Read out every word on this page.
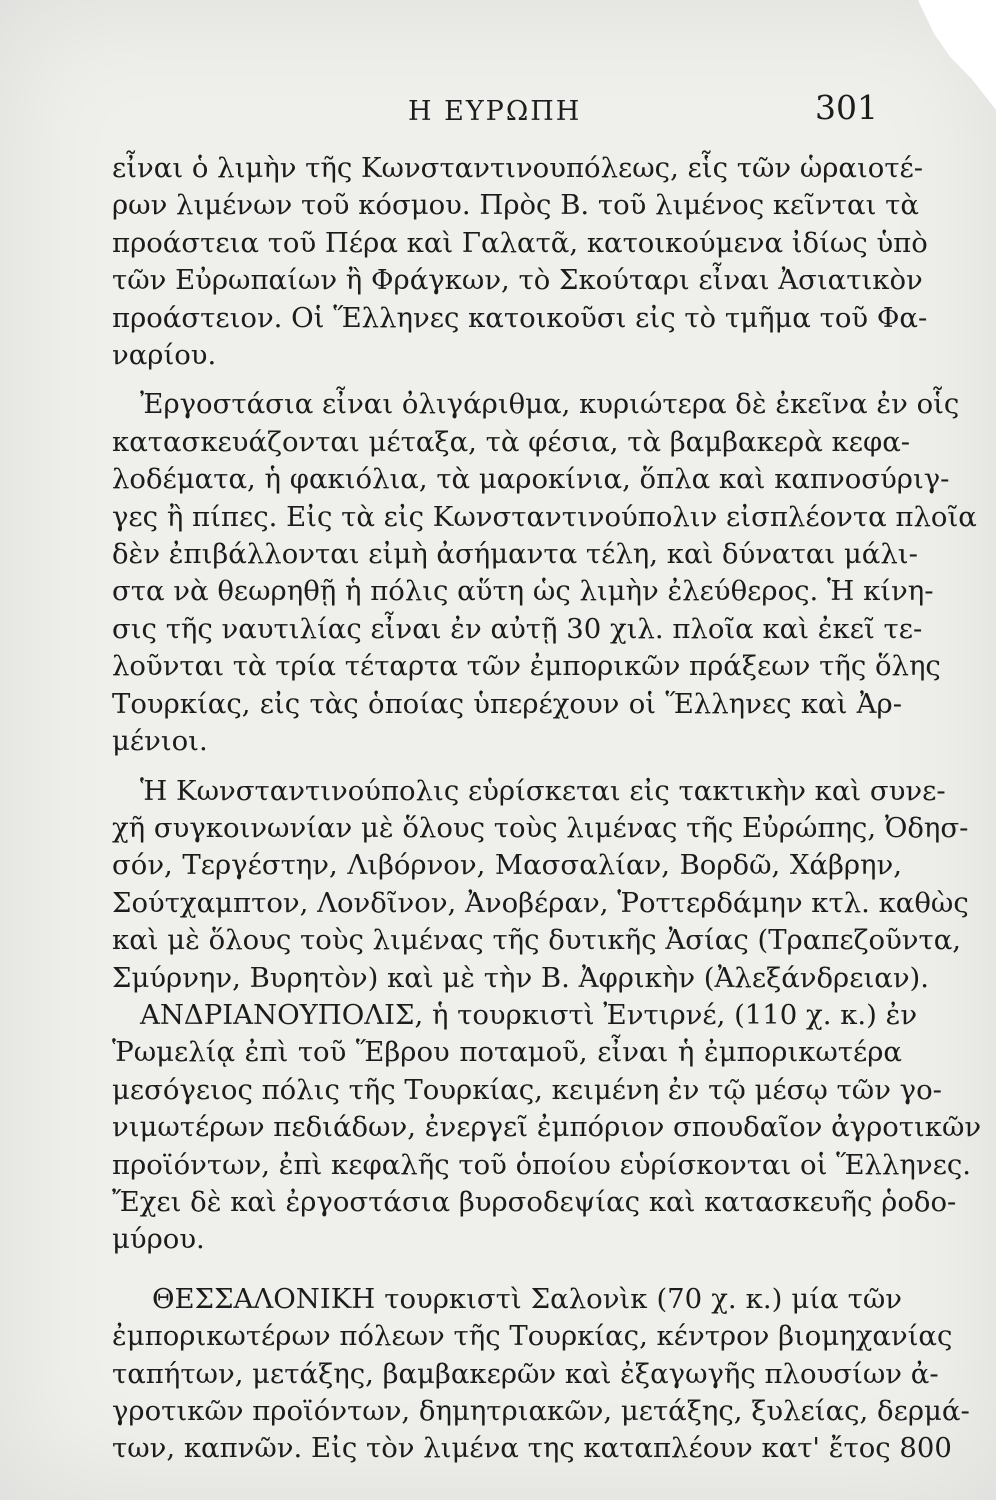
Η ΕΥΡΩΠΗ	301
εἶναι ὁ λιμὴν τῆς Κωνσταντινουπόλεως, εἷς τῶν ὡραιοτέ-
ρων λιμένων τοῦ κόσμου. Πρὸς Β. τοῦ λιμένος κεῖνται τὰ
προάστεια τοῦ Πέρα καὶ Γαλατᾶ, κατοικούμενα ἰδίως ὑπὸ
τῶν Εὐρωπαίων ἢ Φράγκων, τὸ Σκούταρι εἶναι Ἀσιατικὸν
προάστειον. Οἱ Ἕλληνες κατοικοῦσι εἰς τὸ τμῆμα τοῦ Φα-
ναρίου.
Ἐργοστάσια εἶναι ὀλιγάριθμα, κυριώτερα δὲ ἐκεῖνα ἐν οἷς
κατασκευάζονται μέταξα, τὰ φέσια, τὰ βαμβακερὰ κεφα-
λοδέματα, ἡ φακιόλια, τὰ μαροκίνια, ὅπλα καὶ καπνοσύριγ-
γες ἢ πίπες. Εἰς τὰ εἰς Κωνσταντινούπολιν εἰσπλέοντα πλοῖα
δὲν ἐπιβάλλονται εἰμὴ ἀσήμαντα τέλη, καὶ δύναται μάλι-
στα νὰ θεωρηθῇ ἡ πόλις αὕτη ὡς λιμὴν ἐλεύθερος. Ἡ κίνη-
σις τῆς ναυτιλίας εἶναι ἐν αὐτῇ 30 χιλ. πλοῖα καὶ ἐκεῖ τε-
λοῦνται τὰ τρία τέταρτα τῶν ἐμπορικῶν πράξεων τῆς ὅλης
Τουρκίας, εἰς τὰς ὁποίας ὑπερέχουν οἱ Ἕλληνες καὶ Ἀρ-
μένιοι.
Ἡ Κωνσταντινούπολις εὑρίσκεται εἰς τακτικὴν καὶ συνε-
χῆ συγκοινωνίαν μὲ ὅλους τοὺς λιμένας τῆς Εὐρώπης, Ὀδησ-
σόν, Τεργέστην, Λιβόρνον, Μασσαλίαν, Βορδῶ, Χάβρην,
Σούτχαμπτον, Λονδῖνον, Ἀνοβέραν, Ῥοττερδάμην κτλ. καθὼς
καὶ μὲ ὅλους τοὺς λιμένας τῆς δυτικῆς Ἀσίας (Τραπεζοῦντα,
Σμύρνην, Βυρητὸν) καὶ μὲ τὴν Β. Ἀφρικὴν (Ἀλεξάνδρειαν).
ΑΝΔΡΙΑΝΟΥΠΟΛΙΣ, ἡ τουρκιστὶ Ἐντιρνέ, (110 χ. κ.) ἐν
Ῥωμελίᾳ ἐπὶ τοῦ Ἕβρου ποταμοῦ, εἶναι ἡ ἐμπορικωτέρα
μεσόγειος πόλις τῆς Τουρκίας, κειμένη ἐν τῷ μέσῳ τῶν γο-
νιμωτέρων πεδιάδων, ἐνεργεῖ ἐμπόριον σπουδαῖον ἀγροτικῶν
προϊόντων, ἐπὶ κεφαλῆς τοῦ ὁποίου εὑρίσκονται οἱ Ἕλληνες.
Ἔχει δὲ καὶ ἐργοστάσια βυρσοδεψίας καὶ κατασκευῆς ῥοδο-
μύρου.
ΘΕΣΣΑΛΟΝΙΚΗ τουρκιστὶ Σαλονὶκ (70 χ. κ.) μία τῶν
ἐμπορικωτέρων πόλεων τῆς Τουρκίας, κέντρον βιομηχανίας
ταπήτων, μετάξης, βαμβακερῶν καὶ ἐξαγωγῆς πλουσίων ἀ-
γροτικῶν προϊόντων, δημητριακῶν, μετάξης, ξυλείας, δερμά-
των, καπνῶν. Εἰς τὸν λιμένα της καταπλέουν κατ' ἔτος 800
